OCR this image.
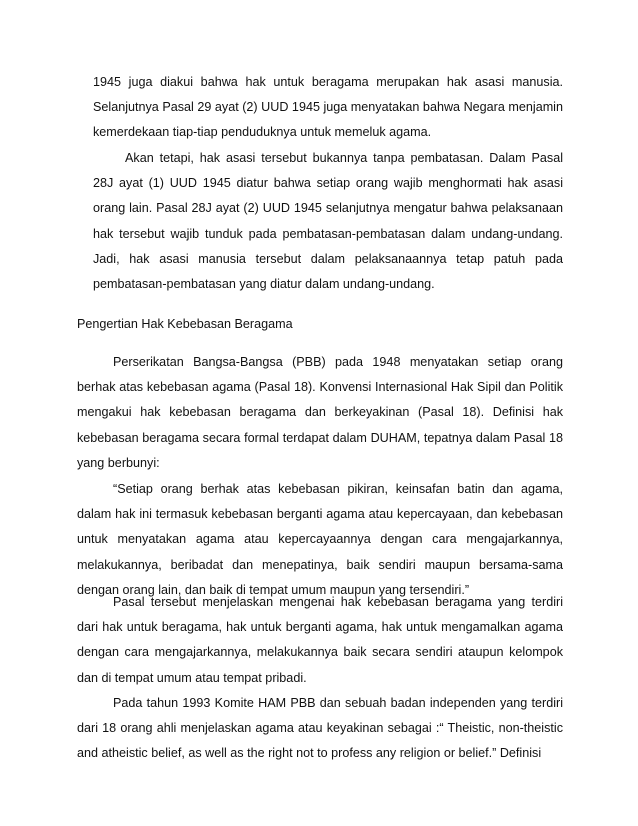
1945 juga diakui bahwa hak untuk beragama merupakan hak asasi manusia. Selanjutnya Pasal 29 ayat (2) UUD 1945 juga menyatakan bahwa Negara menjamin kemerdekaan tiap-tiap penduduknya untuk memeluk agama.

Akan tetapi, hak asasi tersebut bukannya tanpa pembatasan. Dalam Pasal 28J ayat (1) UUD 1945 diatur bahwa setiap orang wajib menghormati hak asasi orang lain. Pasal 28J ayat (2) UUD 1945 selanjutnya mengatur bahwa pelaksanaan hak tersebut wajib tunduk pada pembatasan-pembatasan dalam undang-undang. Jadi, hak asasi manusia tersebut dalam pelaksanaannya tetap patuh pada pembatasan-pembatasan yang diatur dalam undang-undang.

Pengertian Hak Kebebasan Beragama

Perserikatan Bangsa-Bangsa (PBB) pada 1948 menyatakan setiap orang berhak atas kebebasan agama (Pasal 18). Konvensi Internasional Hak Sipil dan Politik mengakui hak kebebasan beragama dan berkeyakinan (Pasal 18). Definisi hak kebebasan beragama secara formal terdapat dalam DUHAM, tepatnya dalam Pasal 18 yang berbunyi:

“Setiap orang berhak atas kebebasan pikiran, keinsafan batin dan agama, dalam hak ini termasuk kebebasan berganti agama atau kepercayaan, dan kebebasan untuk menyatakan agama atau kepercayaannya dengan cara mengajarkannya, melakukannya, beribadat dan menepatinya, baik sendiri maupun bersama-sama dengan orang lain, dan baik di tempat umum maupun yang tersendiri.”

Pasal tersebut menjelaskan mengenai hak kebebasan beragama yang terdiri dari hak untuk beragama, hak untuk berganti agama, hak untuk mengamalkan agama dengan cara mengajarkannya, melakukannya baik secara sendiri ataupun kelompok dan di tempat umum atau tempat pribadi.

Pada tahun 1993 Komite HAM PBB dan sebuah badan independen yang terdiri dari 18 orang ahli menjelaskan agama atau keyakinan sebagai :“ Theistic, non-theistic and atheistic belief, as well as the right not to profess any religion or belief.” Definisi
